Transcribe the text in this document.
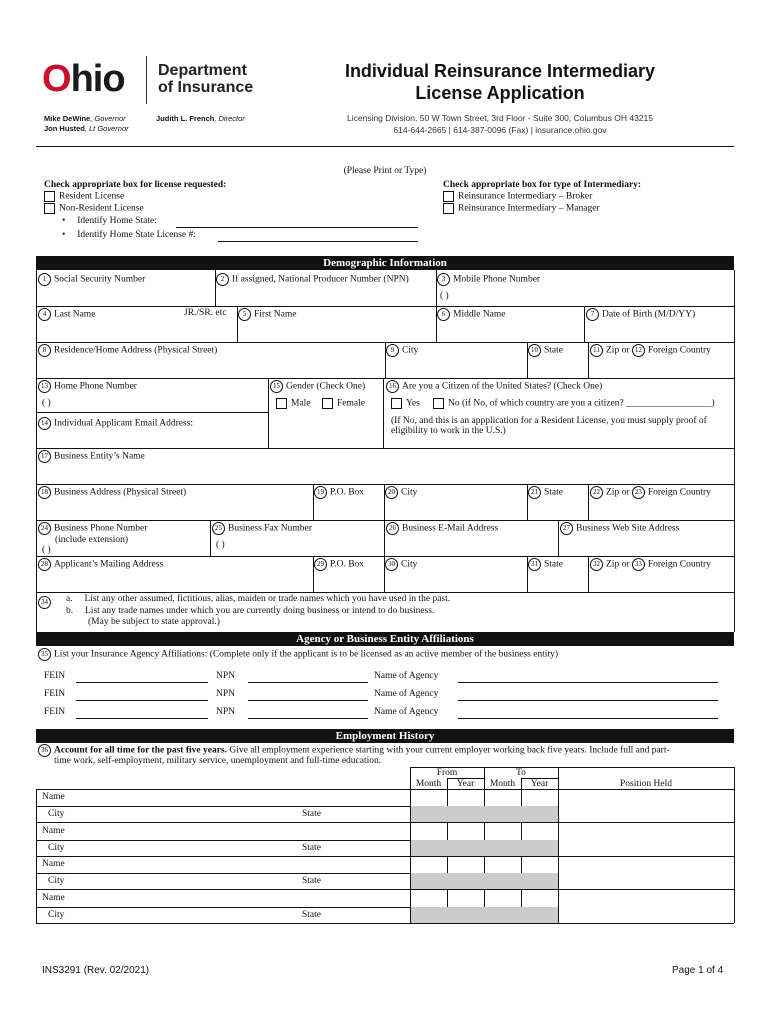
Ohio Department
of Insurance
Mike DeWine, Governor
Jon Husted, Lt Governor
Judith L. French, Director
Individual Reinsurance Intermediary
License Application
Licensing Division, 50 W Town Street, 3rd Floor - Suite 300, Columbus OH 43215
614-644-2665 | 614-387-0096 (Fax) | insurance.ohio.gov
(Please Print or Type)
Check appropriate box for license requested:
Resident License
Non-Resident License
• Identify Home State:
• Identify Home State License #:
Check appropriate box for type of Intermediary:
Reinsurance Intermediary – Broker
Reinsurance Intermediary – Manager
Demographic Information
1 Social Security Number	2 If assigned, National Producer Number (NPN)	3 Mobile Phone Number
( )
4 Last Name	JR./SR. etc	5 First Name	6 Middle Name	7 Date of Birth (M/D/YY)
8 Residence/Home Address (Physical Street)	9 City	10 State	11 Zip or 12 Foreign Country
13 Home Phone Number
( )
14 Individual Applicant Email Address:
15 Gender (Check One)
Male	Female
16 Are you a Citizen of the United States? (Check One)
Yes	No (if No, of which country are you a citizen? __________________)
(If No, and this is an appplication for a Resident License, you must supply proof of
eligibility to work in the U.S.)
17 Business Entity’s Name
18 Business Address (Physical Street)	19 P.O. Box	20 City	21 State	22 Zip or 23 Foreign Country
24 Business Phone Number
(include extension)
( )
25 Business Fax Number
( )
26 Business E-Mail Address	27 Business Web Site Address
28 Applicant’s Mailing Address	29 P.O. Box	30 City	31 State	32 Zip or 33 Foreign Country
34	a. List any other assumed, fictitious, alias, maiden or trade names which you have used in the past.
b. List any trade names under which you are currently doing business or intend to do business.
(May be subject to state approval.)
Agency or Business Entity Affiliations
35 List your Insurance Agency Affiliations: (Complete only if the applicant is to be licensed as an active member of the business entity)
FEIN	NPN	Name of Agency
FEIN	NPN	Name of Agency
FEIN	NPN	Name of Agency
Employment History
36 Account for all time for the past five years. Give all employment experience starting with your current employer working back five years. Include full and part-
time work, self-employment, military service, unemployment and full-time education.
From	To
Month	Year	Month	Year	Position Held
Name
City	State
Name
City	State
Name
City	State
Name
City	State
INS3291 (Rev. 02/2021)	Page 1 of 4
